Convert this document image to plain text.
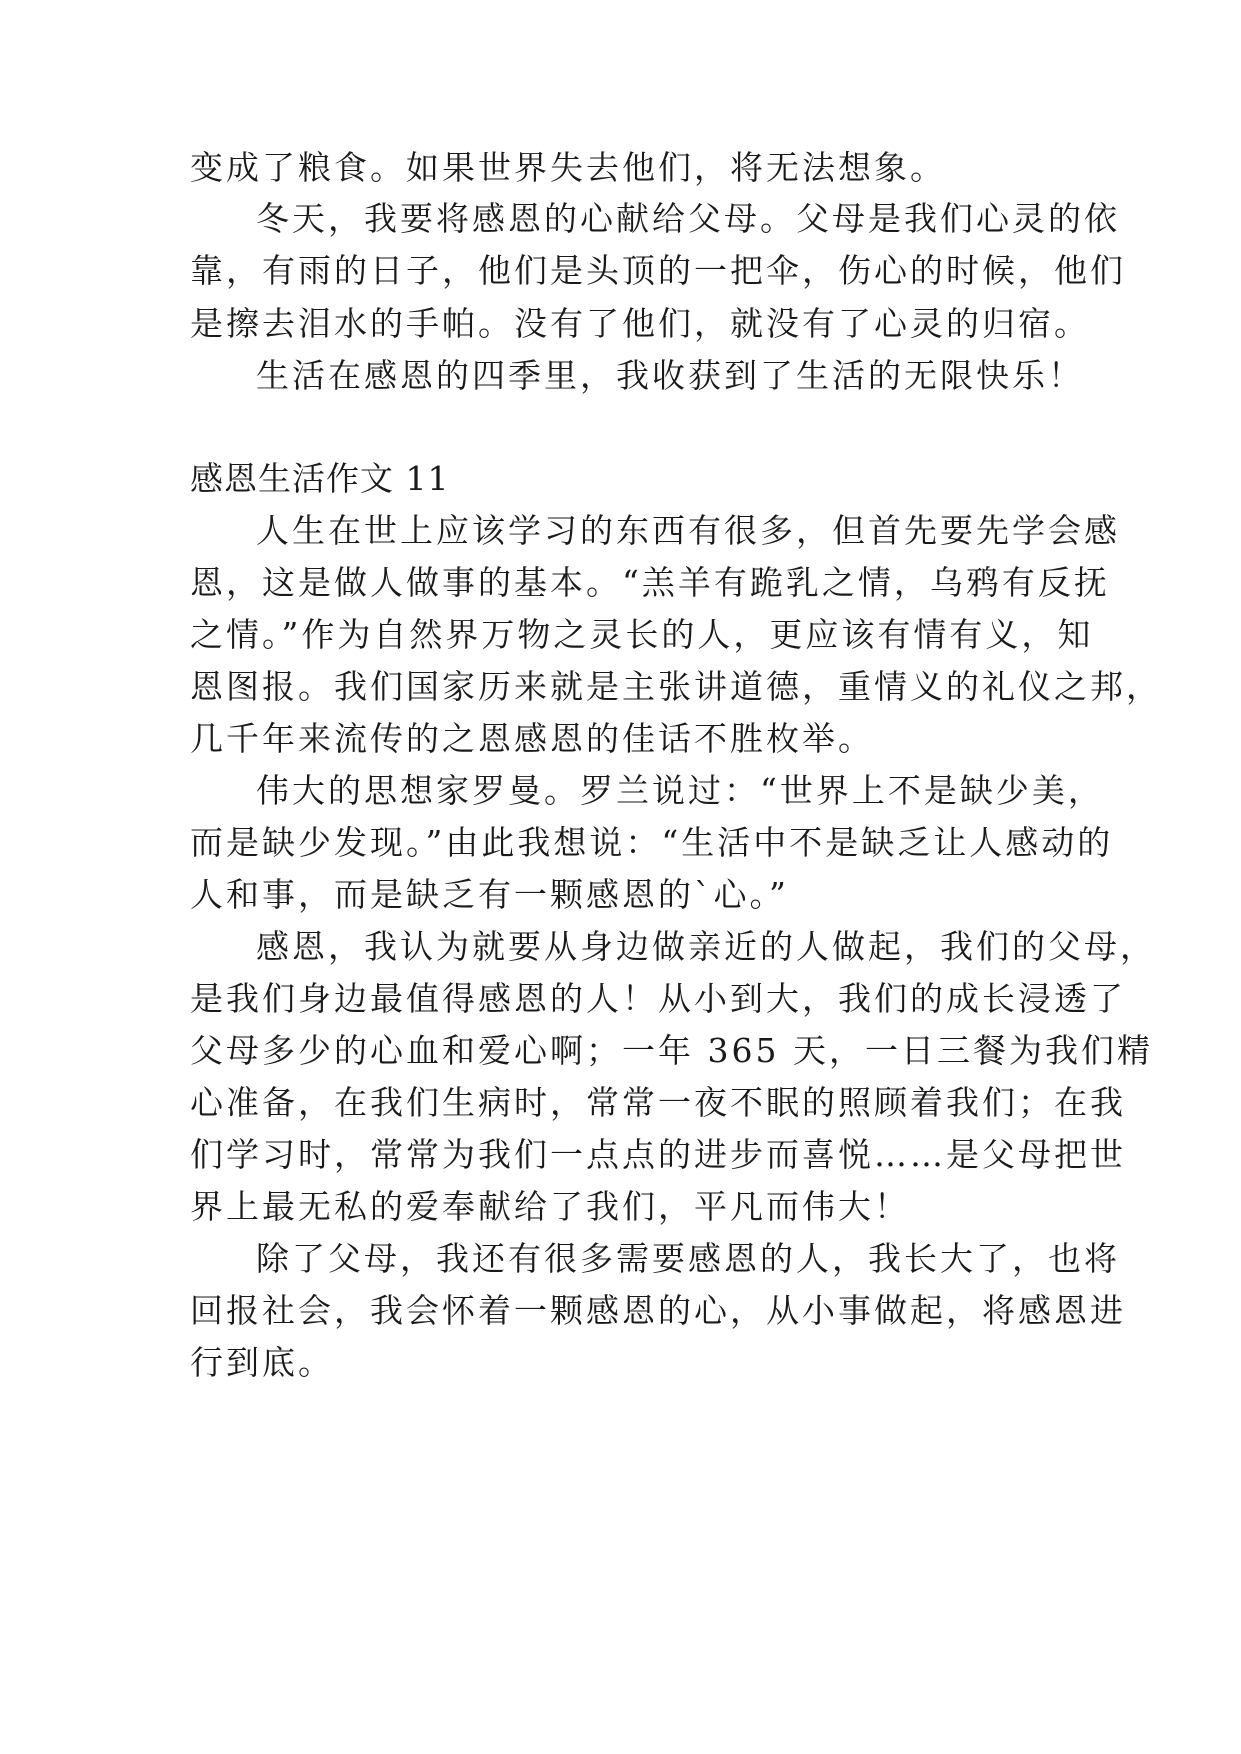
变成了粮食。如果世界失去他们，将无法想象。

冬天，我要将感恩的心献给父母。父母是我们心灵的依

靠，有雨的日子，他们是头顶的一把伞，伤心的时候，他们

是擦去泪水的手帕。没有了他们，就没有了心灵的归宿。

生活在感恩的四季里，我收获到了生活的无限快乐！

感恩生活作文 11

人生在世上应该学习的东西有很多，但首先要先学会感

恩，这是做人做事的基本。“羔羊有跪乳之情，乌鸦有反抚

之情。”作为自然界万物之灵长的人，更应该有情有义，知

恩图报。我们国家历来就是主张讲道德，重情义的礼仪之邦，

几千年来流传的之恩感恩的佳话不胜枚举。

伟大的思想家罗曼。罗兰说过：“世界上不是缺少美，

而是缺少发现。”由此我想说：“生活中不是缺乏让人感动的

人和事，而是缺乏有一颗感恩的`心。”

感恩，我认为就要从身边做亲近的人做起，我们的父母，

是我们身边最值得感恩的人！从小到大，我们的成长浸透了

父母多少的心血和爱心啊；一年 365 天，一日三餐为我们精

心准备，在我们生病时，常常一夜不眠的照顾着我们；在我

们学习时，常常为我们一点点的进步而喜悦……是父母把世

界上最无私的爱奉献给了我们，平凡而伟大！

除了父母，我还有很多需要感恩的人，我长大了，也将

回报社会，我会怀着一颗感恩的心，从小事做起，将感恩进

行到底。
